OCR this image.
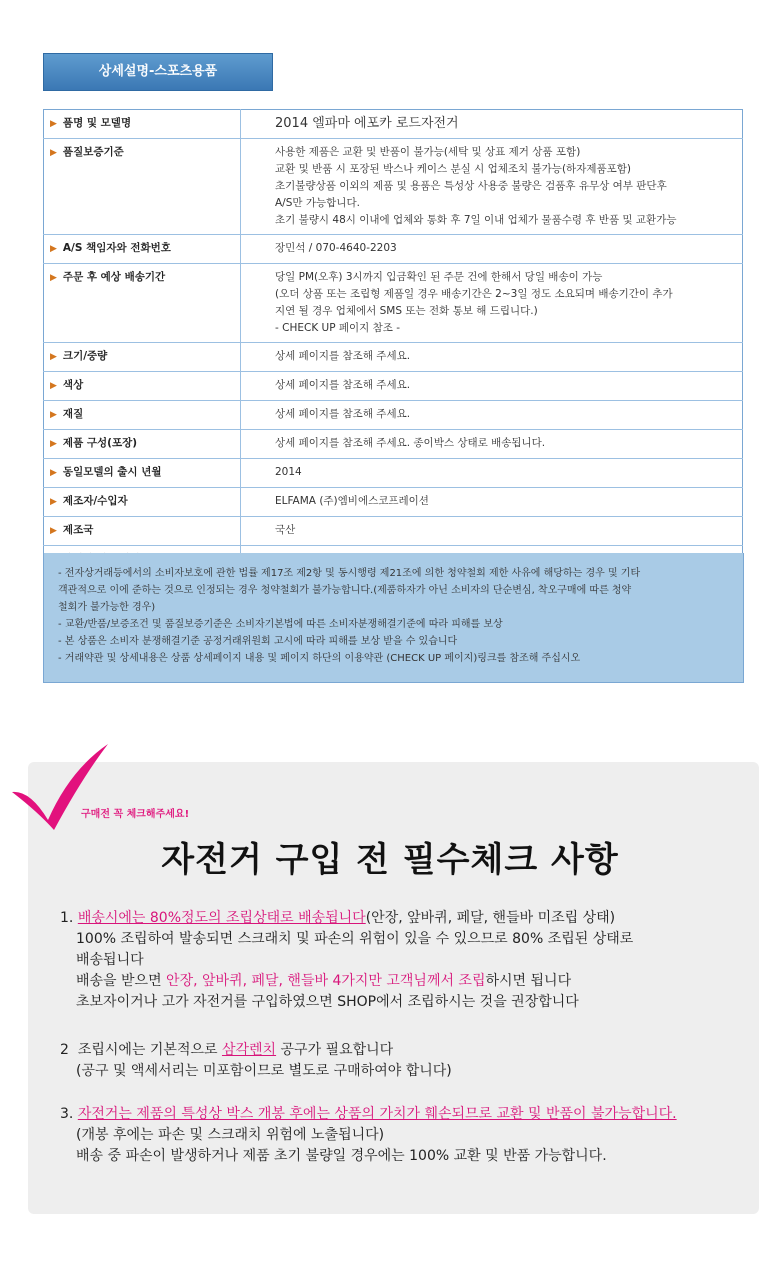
상세설명-스포츠용품
▶ 품명 및 모델명	2014 엘파마 에포카 로드자전거

▶ 품질보증기준	사용한 제품은 교환 및 반품이 불가능(세탁 및 상표 제거 상품 포함)
교환 및 반품 시 포장된 박스나 케이스 분실 시 업체조치 불가능(하자제품포함)
초기불량상품 이외의 제품 및 용품은 특성상 사용중 불량은 검품후 유무상 여부 판단후
A/S만 가능합니다.
초기 불량시 48시 이내에 업체와 통화 후 7일 이내 업체가 물품수령 후 반품 및 교환가능

▶ A/S 책임자와 전화번호	장민석 / 070-4640-2203

▶ 주문 후 예상 배송기간	당일 PM(오후) 3시까지 입금확인 된 주문 건에 한해서 당일 배송이 가능
(오더 상품 또는 조립형 제품일 경우 배송기간은 2~3일 정도 소요되며 배송기간이 추가
지연 될 경우 업체에서 SMS 또는 전화 통보 해 드립니다.)
- CHECK UP 페이지 참조 -

▶ 크기/중량	상세 페이지를 참조해 주세요.

▶ 색상	상세 페이지를 참조해 주세요.

▶ 재질	상세 페이지를 참조해 주세요.

▶ 제품 구성(포장)	상세 페이지를 참조해 주세요. 종이박스 상태로 배송됩니다.

▶ 동일모델의 출시 년월	2014

▶ 제조자/수입자	ELFAMA (주)엠비에스코프레이션

▶ 제조국	국산

- 전자상거래등에서의 소비자보호에 관한 법률 제17조 제2항 및 동시행령 제21조에 의한 청약철회 제한 사유에 해당하는 경우 및 기타
객관적으로 이에 준하는 것으로 인정되는 경우 청약철회가 불가능합니다.(제품하자가 아닌 소비자의 단순변심, 착오구매에 따른 청약
철회가 불가능한 경우)
- 교환/반품/보증조건 및 품질보증기준은 소비자기본법에 따른 소비자분쟁해결기준에 따라 피해를 보상
- 본 상품은 소비자 분쟁해결기준 공정거래위원회 고시에 따라 피해를 보상 받을 수 있습니다
- 거래약관 및 상세내용은 상품 상세페이지 내용 및 페이지 하단의 이용약관 (CHECK UP 페이지)링크를 참조해 주십시오
구매전 꼭 체크해주세요!
자전거 구입 전 필수체크 사항
1. 배송시에는 80%정도의 조립상태로 배송됩니다(안장, 앞바퀴, 페달, 핸들바 미조립 상태)
100% 조립하여 발송되면 스크래치 및 파손의 위험이 있을 수 있으므로 80% 조립된 상태로
배송됩니다
배송을 받으면 안장, 앞바퀴, 페달, 핸들바 4가지만 고객님께서 조립하시면 됩니다
초보자이거나 고가 자전거를 구입하였으면 SHOP에서 조립하시는 것을 권장합니다
2 조립시에는 기본적으로 삼각렌치 공구가 필요합니다
(공구 및 액세서리는 미포함이므로 별도로 구매하여야 합니다)
3. 자전거는 제품의 특성상 박스 개봉 후에는 상품의 가치가 훼손되므로 교환 및 반품이 불가능합니다.
(개봉 후에는 파손 및 스크래치 위험에 노출됩니다)
배송 중 파손이 발생하거나 제품 초기 불량일 경우에는 100% 교환 및 반품 가능합니다.
